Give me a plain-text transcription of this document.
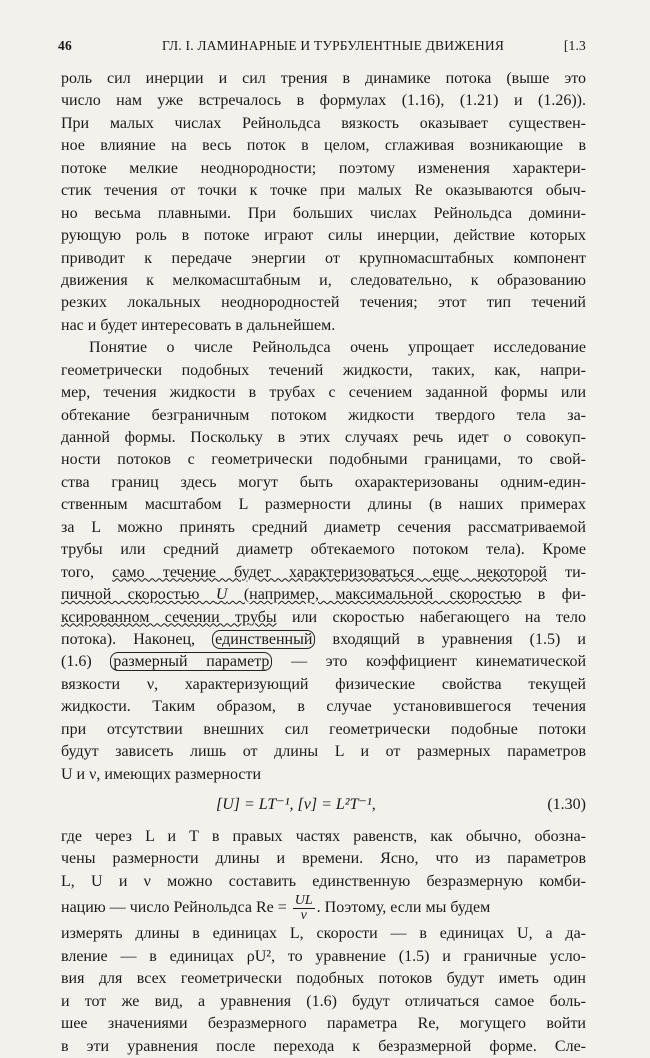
46	ГЛ. I. ЛАМИНАРНЫЕ И ТУРБУЛЕНТНЫЕ ДВИЖЕНИЯ	[1.3
роль сил инерции и сил трения в динамике потока (выше это
число нам уже встречалось в формулах (1.16), (1.21) и (1.26)).
При малых числах Рейнольдса вязкость оказывает существен-
ное влияние на весь поток в целом, сглаживая возникающие в
потоке мелкие неоднородности; поэтому изменения характери-
стик течения от точки к точке при малых Re оказываются обыч-
но весьма плавными. При больших числах Рейнольдса домини-
рующую роль в потоке играют силы инерции, действие которых
приводит к передаче энергии от крупномасштабных компонент
движения к мелкомасштабным и, следовательно, к образованию
резких локальных неоднородностей течения; этот тип течений
нас и будет интересовать в дальнейшем.
Понятие о числе Рейнольдса очень упрощает исследование
геометрически подобных течений жидкости, таких, как, напри-
мер, течения жидкости в трубах с сечением заданной формы или
обтекание безграничным потоком жидкости твердого тела за-
данной формы. Поскольку в этих случаях речь идет о совокуп-
ности потоков с геометрически подобными границами, то свой-
ства границ здесь могут быть охарактеризованы одним-един-
ственным масштабом L размерности длины (в наших примерах
за L можно принять средний диаметр сечения рассматриваемой
трубы или средний диаметр обтекаемого потоком тела). Кроме
того, само течение будет характеризоваться еще некоторой ти-
пичной скоростью U (например, максимальной скоростью в фи-
ксированном сечении трубы или скоростью набегающего на тело
потока). Наконец, единственный входящий в уравнения (1.5) и
(1.6) размерный параметр — это коэффициент кинематической
вязкости ν, характеризующий физические свойства текущей
жидкости. Таким образом, в случае установившегося течения
при отсутствии внешних сил геометрически подобные потоки
будут зависеть лишь от длины L и от размерных параметров
U и ν, имеющих размерности
[U] = LT⁻¹, [ν] = L²T⁻¹,	(1.30)
где через L и T в правых частях равенств, как обычно, обозна-
чены размерности длины и времени. Ясно, что из параметров
L, U и ν можно составить единственную безразмерную комби-
нацию — число Рейнольдса $Re = \frac{UL}{\nu}$ . Поэтому, если мы будем
измерять длины в единицах L, скорости — в единицах U, а да-
вление — в единицах ρU², то уравнение (1.5) и граничные усло-
вия для всех геометрически подобных потоков будут иметь один
и тот же вид, а уравнения (1.6) будут отличаться самое боль-
шее значениями безразмерного параметра Re, могущего войти
в эти уравнения после перехода к безразмерной форме. Сле-
